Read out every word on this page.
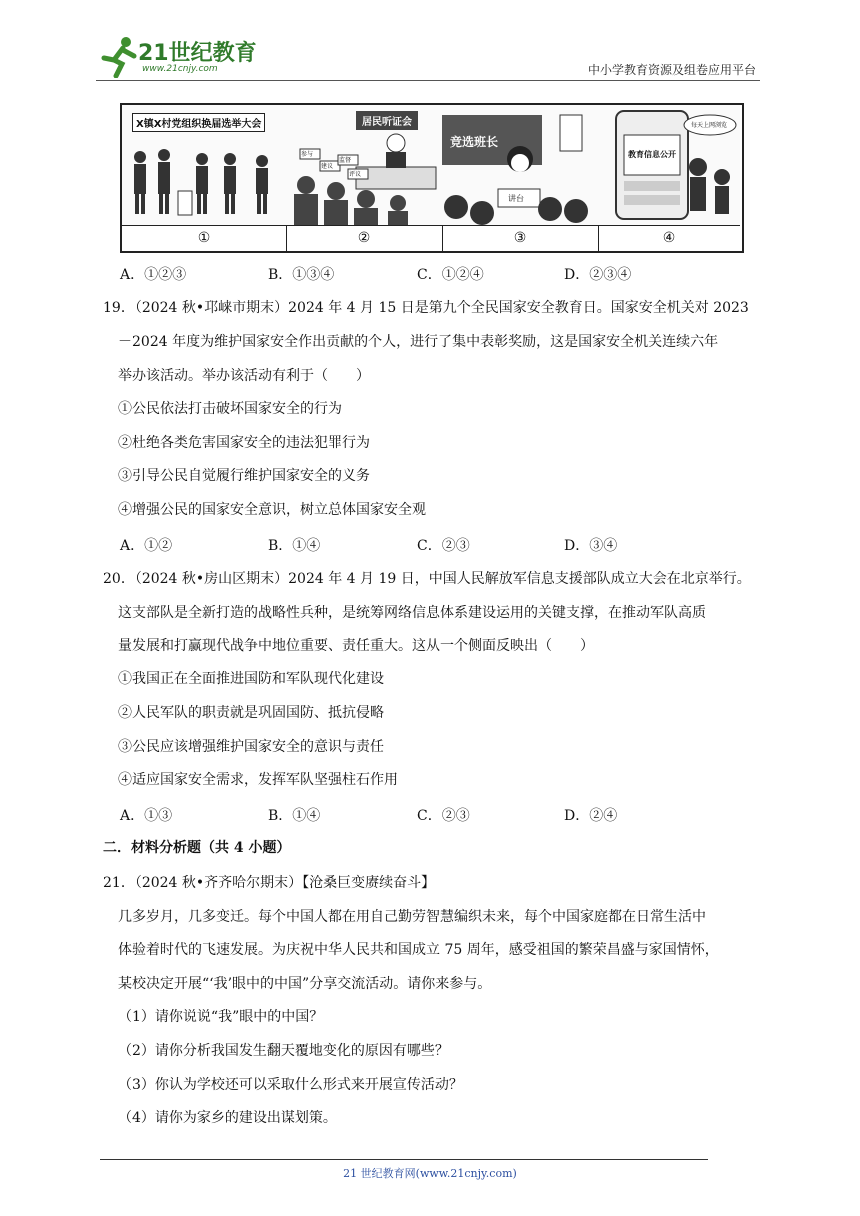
21世纪教育
www.21cnjy.com	中小学教育资源及组卷应用平台
X镇X村党组织换届选举大会
①
居民听证会
参与
建议
监督
评议
②
竞选班长
讲台
③
教育信息公开
每天上网浏览
④
A．①②③	B．①③④	C．①②④	D．②③④
19．（2024 秋•邛崃市期末）2024 年 4 月 15 日是第九个全民国家安全教育日。国家安全机关对 2023
－2024 年度为维护国家安全作出贡献的个人，进行了集中表彰奖励，这是国家安全机关连续六年
举办该活动。举办该活动有利于（　　）
①公民依法打击破坏国家安全的行为
②杜绝各类危害国家安全的违法犯罪行为
③引导公民自觉履行维护国家安全的义务
④增强公民的国家安全意识，树立总体国家安全观
A．①②	B．①④	C．②③	D．③④
20．（2024 秋•房山区期末）2024 年 4 月 19 日，中国人民解放军信息支援部队成立大会在北京举行。
这支部队是全新打造的战略性兵种，是统筹网络信息体系建设运用的关键支撑，在推动军队高质
量发展和打赢现代战争中地位重要、责任重大。这从一个侧面反映出（　　）
①我国正在全面推进国防和军队现代化建设
②人民军队的职责就是巩固国防、抵抗侵略
③公民应该增强维护国家安全的意识与责任
④适应国家安全需求，发挥军队坚强柱石作用
A．①③	B．①④	C．②③	D．②④
二．材料分析题（共 4 小题）
21．（2024 秋•齐齐哈尔期末）【沧桑巨变赓续奋斗】
几多岁月，几多变迁。每个中国人都在用自己勤劳智慧编织未来，每个中国家庭都在日常生活中
体验着时代的飞速发展。为庆祝中华人民共和国成立 75 周年，感受祖国的繁荣昌盛与家国情怀，
某校决定开展“‘我’眼中的中国”分享交流活动。请你来参与。
（1）请你说说“我”眼中的中国？
（2）请你分析我国发生翻天覆地变化的原因有哪些？
（3）你认为学校还可以采取什么形式来开展宣传活动？
（4）请你为家乡的建设出谋划策。
21 世纪教育网(www.21cnjy.com)
